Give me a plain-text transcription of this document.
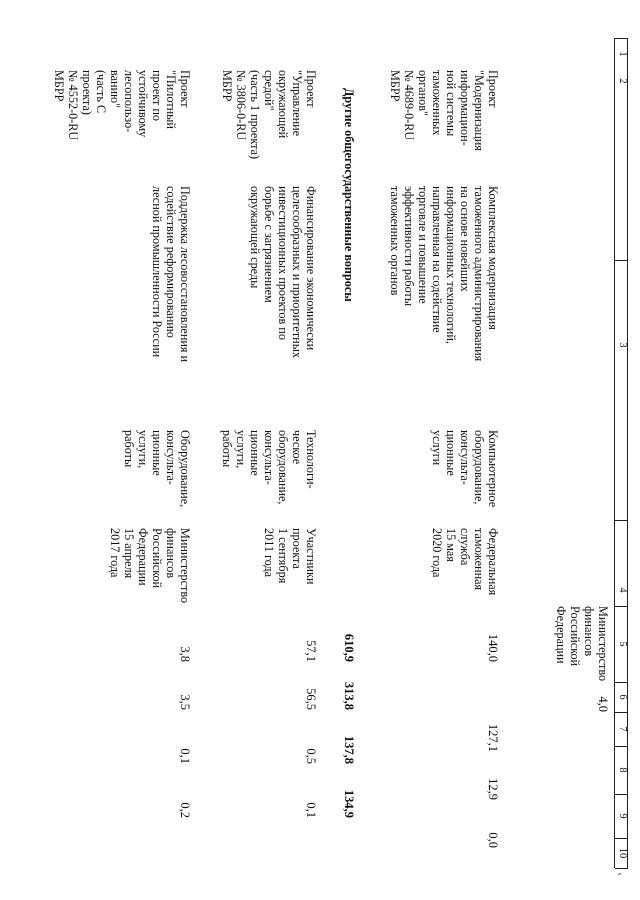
1
2
3
4
5
6
7
8
9
10
'
Министерство
финансов
Российской
Федерации
4,0
Проект
"Модернизация
информацион-
ной системы
таможенных
органов"
№ 4689-0-RU
МБРР
Комплексная модернизация
таможенного администрирования
на основе новейших
информационных технологий,
направленная на содействие
торговле и повышение
эффективности работы
таможенных органов
Компьютерное
оборудование,
консульта-
ционные
услуги
Федеральная
таможенная
служба
15 мая
2020 года
140,0
127,1
12,9
0,0
Другие общегосударственные вопросы
610,9
313,8
137,8
134,9
Проект
"Управление
окружающей
средой"
(часть 1 проекта)
№ 3806-0-RU
МБРР
Финансирование экономически
целесообразных и приоритетных
инвестиционных проектов по
борьбе с загрязнением
окружающей среды
Технологи-
ческое
оборудование,
консульта-
ционные
услуги,
работы
Участники
проекта
1 сентября
2011 года
57,1
56,5
0,5
0,1
Проект
"Пилотный
проект по
устойчивому
лесопользо-
ванию"
(часть С
проекта)
№ 4552-0-RU
МБРР
Поддержка лесовосстановления и
содействие реформированию
лесной промышленности России
Оборудование,
консульта-
ционные
услуги,
работы
Министерство
финансов
Российской
Федерации
15 апреля
2017 года
3,8
3,5
0,1
0,2
